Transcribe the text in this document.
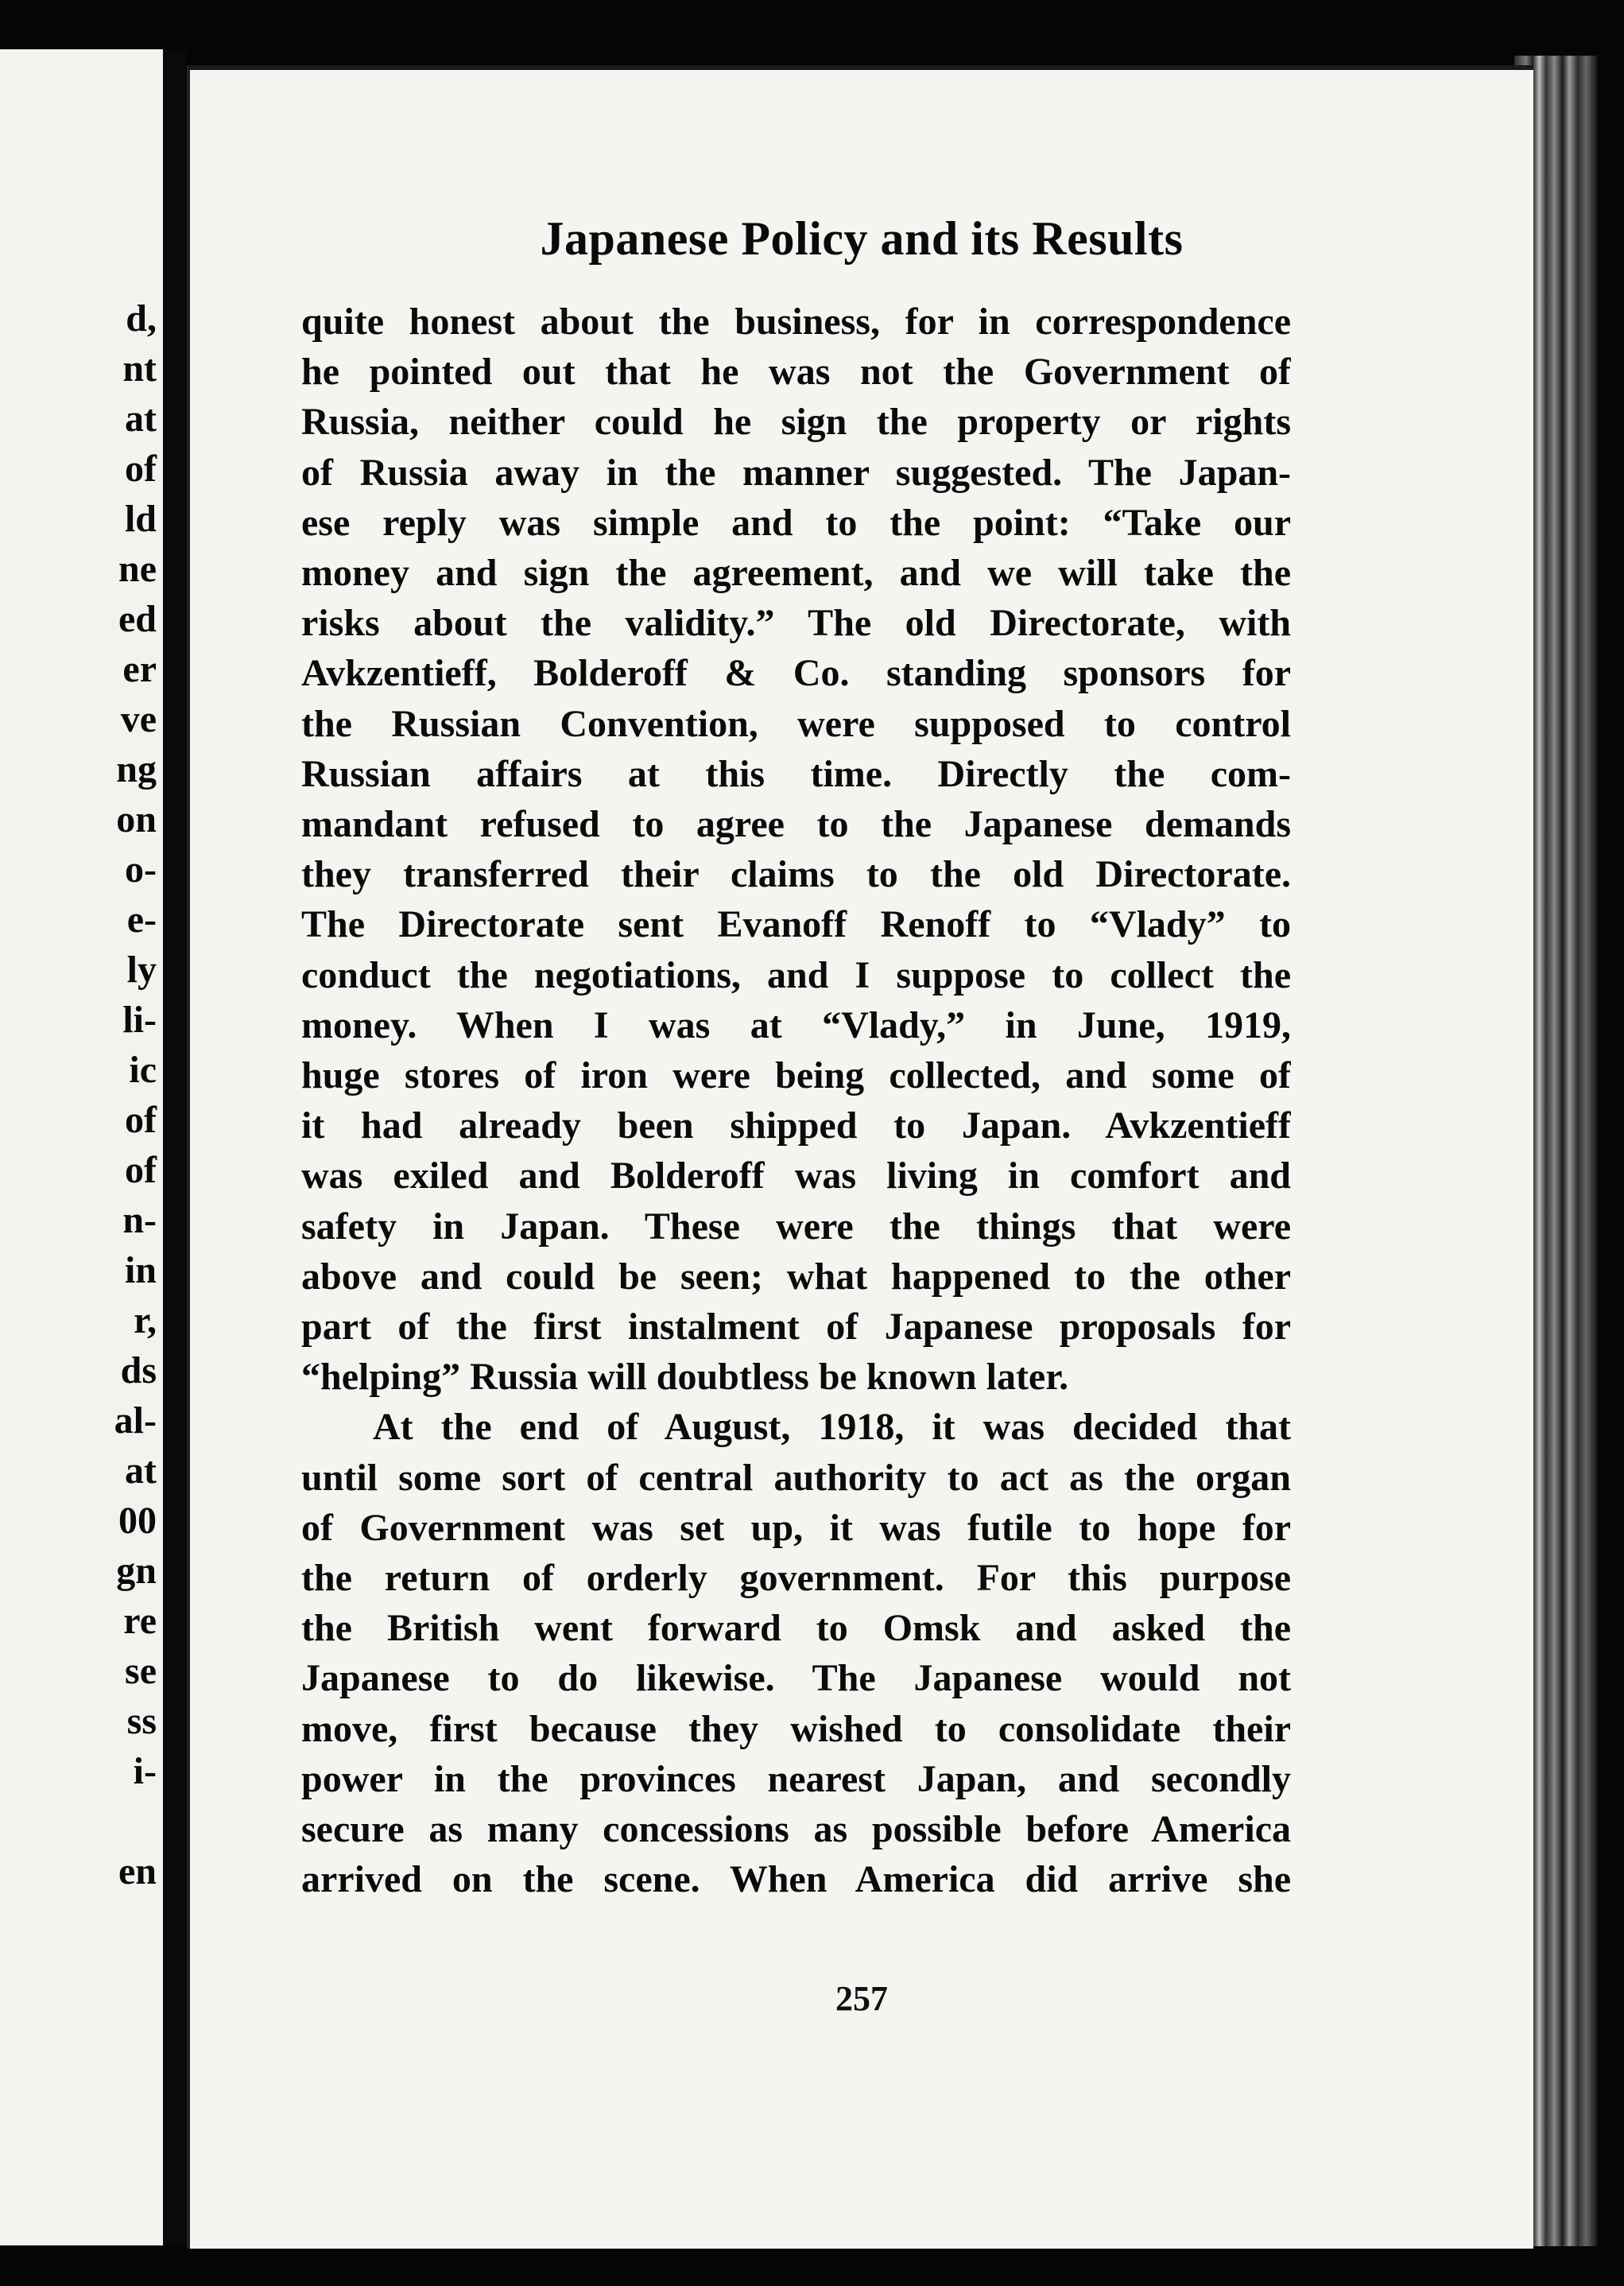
d,
nt
at
of
ld
ne
ed
er
ve
ng
on
o-
e-
ly
li-
ic
of
of
n-
in
r,
ds
al-
at
00
gn
re
se
ss
i-

en
Japanese Policy and its Results
quite honest about the business, for in correspondence
he pointed out that he was not the Government of
Russia, neither could he sign the property or rights
of Russia away in the manner suggested. The Japan-
ese reply was simple and to the point: “Take our
money and sign the agreement, and we will take the
risks about the validity.” The old Directorate, with
Avkzentieff, Bolderoff & Co. standing sponsors for
the Russian Convention, were supposed to control
Russian affairs at this time. Directly the com-
mandant refused to agree to the Japanese demands
they transferred their claims to the old Directorate.
The Directorate sent Evanoff Renoff to “Vlady” to
conduct the negotiations, and I suppose to collect the
money. When I was at “Vlady,” in June, 1919,
huge stores of iron were being collected, and some of
it had already been shipped to Japan. Avkzentieff
was exiled and Bolderoff was living in comfort and
safety in Japan. These were the things that were
above and could be seen; what happened to the other
part of the first instalment of Japanese proposals for
“helping” Russia will doubtless be known later.
At the end of August, 1918, it was decided that
until some sort of central authority to act as the organ
of Government was set up, it was futile to hope for
the return of orderly government. For this purpose
the British went forward to Omsk and asked the
Japanese to do likewise. The Japanese would not
move, first because they wished to consolidate their
power in the provinces nearest Japan, and secondly
secure as many concessions as possible before America
arrived on the scene. When America did arrive she
257
